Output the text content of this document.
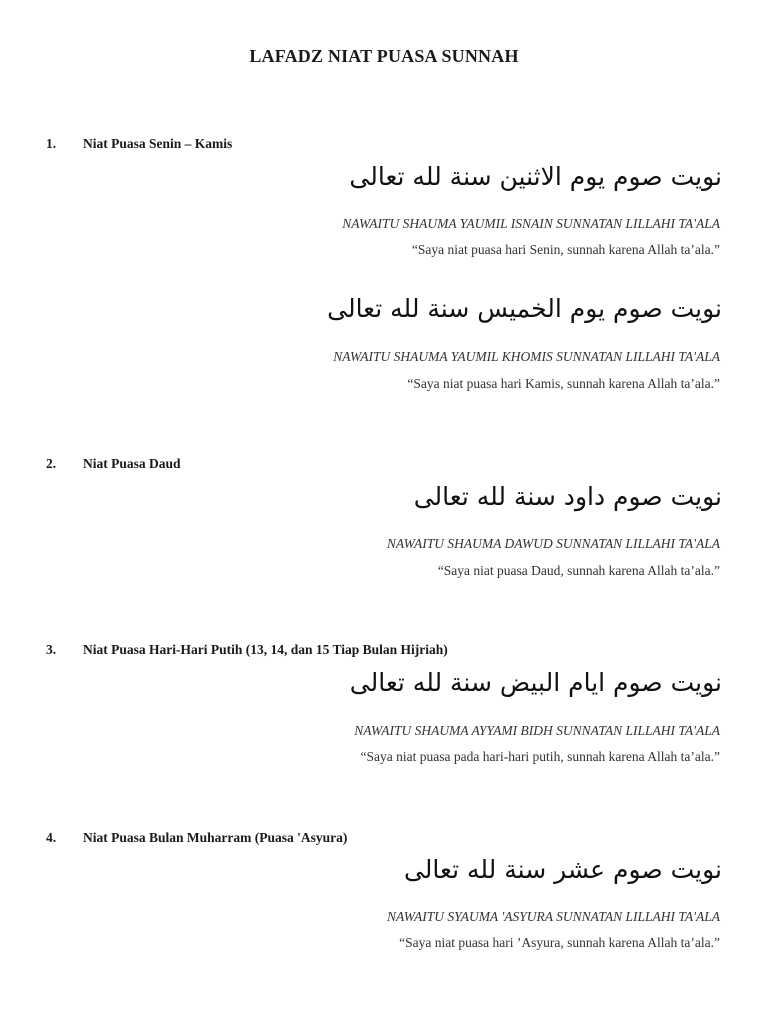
LAFADZ NIAT PUASA SUNNAH
1. Niat Puasa Senin – Kamis
نويت صوم يوم الاثنين سنة لله تعالى
NAWAITU SHAUMA YAUMIL ISNAIN SUNNATAN LILLAHI TA'ALA
“Saya niat puasa hari Senin, sunnah karena Allah ta’ala.”
نويت صوم يوم الخميس سنة لله تعالى
NAWAITU SHAUMA YAUMIL KHOMIS SUNNATAN LILLAHI TA'ALA
“Saya niat puasa hari Kamis, sunnah karena Allah ta’ala.”
2. Niat Puasa Daud
نويت صوم داود سنة لله تعالى
NAWAITU SHAUMA DAWUD SUNNATAN LILLAHI TA'ALA
“Saya niat puasa Daud, sunnah karena Allah ta’ala.”
3. Niat Puasa Hari-Hari Putih (13, 14, dan 15 Tiap Bulan Hijriah)
نويت صوم ايام البيض سنة لله تعالى
NAWAITU SHAUMA AYYAMI BIDH SUNNATAN LILLAHI TA'ALA
“Saya niat puasa pada hari-hari putih, sunnah karena Allah ta’ala.”
4. Niat Puasa Bulan Muharram (Puasa 'Asyura)
نويت صوم عشر سنة لله تعالى
NAWAITU SYAUMA 'ASYURA SUNNATAN LILLAHI TA'ALA
“Saya niat puasa hari ’Asyura, sunnah karena Allah ta’ala.”
